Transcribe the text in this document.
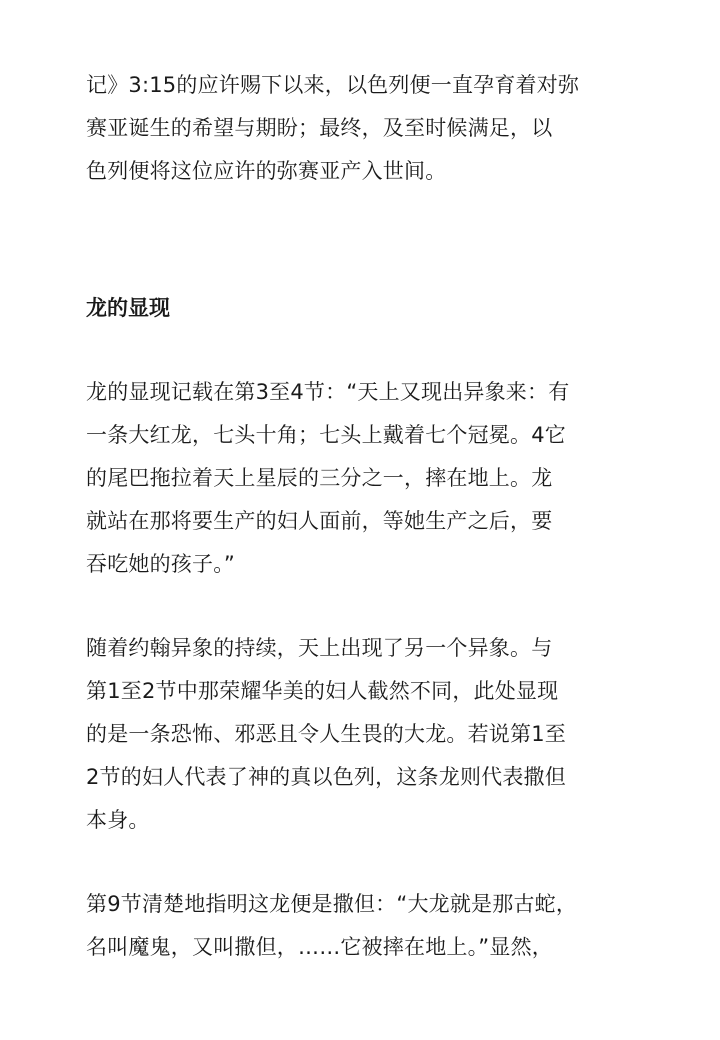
记》3:15的应许赐下以来，以色列便一直孕育着对弥
赛亚诞生的希望与期盼；最终，及至时候满足，以
色列便将这位应许的弥赛亚产入世间。

龙的显现

龙的显现记载在第3至4节：“天上又现出异象来：有
一条大红龙，七头十角；七头上戴着七个冠冕。4它
的尾巴拖拉着天上星辰的三分之一，摔在地上。龙
就站在那将要生产的妇人面前，等她生产之后，要
吞吃她的孩子。”

随着约翰异象的持续，天上出现了另一个异象。与
第1至2节中那荣耀华美的妇人截然不同，此处显现
的是一条恐怖、邪恶且令人生畏的大龙。若说第1至
2节的妇人代表了神的真以色列，这条龙则代表撒但
本身。

第9节清楚地指明这龙便是撒但：“大龙就是那古蛇，
名叫魔鬼，又叫撒但，……它被摔在地上。”显然，
